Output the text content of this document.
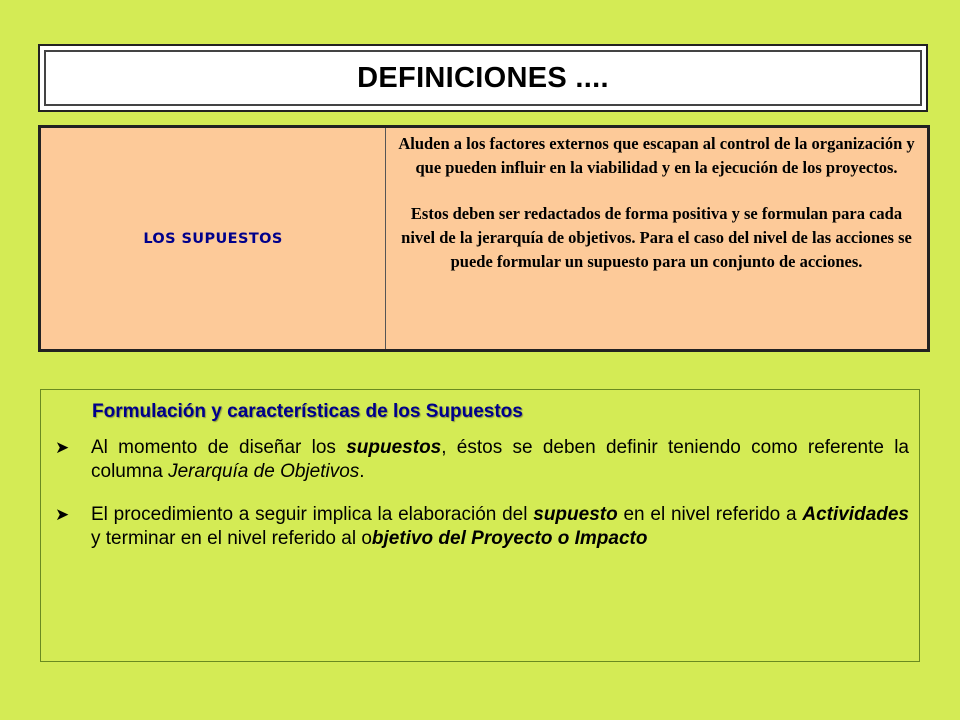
DEFINICIONES ....
LOS SUPUESTOS

Aluden a los factores externos que escapan al control de la organización y que pueden influir en la viabilidad y en la ejecución de los proyectos.

Estos deben ser redactados de forma positiva y se formulan para cada nivel de la jerarquía de objetivos. Para el caso del nivel de las acciones se puede formular un supuesto para un conjunto de acciones.

Formulación y características de los Supuestos
➤	Al momento de diseñar los supuestos, éstos se deben definir teniendo como referente la columna Jerarquía de Objetivos.
➤	El procedimiento a seguir implica la elaboración del supuesto en el nivel referido a Actividades y terminar en el nivel referido al objetivo del Proyecto o Impacto
